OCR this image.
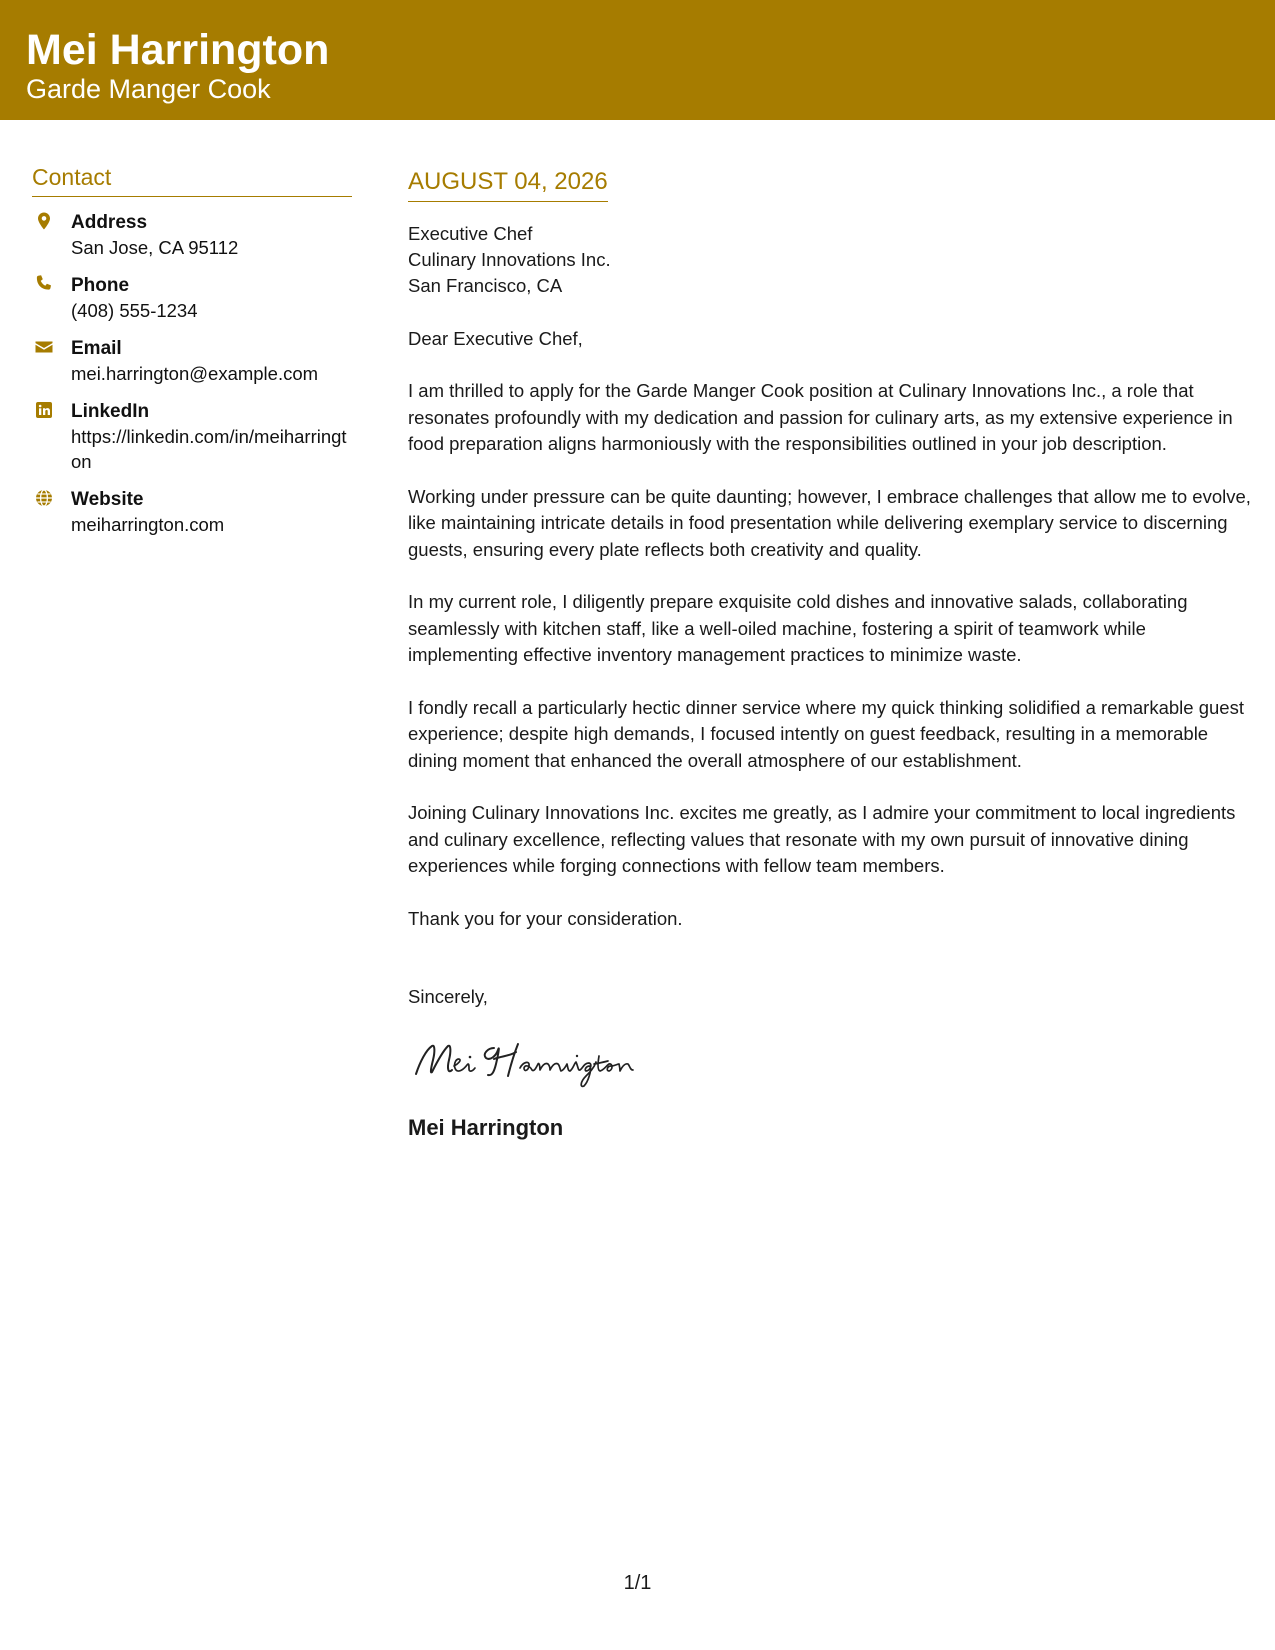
Mei Harrington
Garde Manger Cook
Contact
Address
San Jose, CA 95112
Phone
(408) 555-1234
Email
mei.harrington@example.com
LinkedIn
https://linkedin.com/in/meiharrington
Website
meiharrington.com
AUGUST 04, 2026
Executive Chef
Culinary Innovations Inc.
San Francisco, CA
Dear Executive Chef,
I am thrilled to apply for the Garde Manger Cook position at Culinary Innovations Inc., a role that resonates profoundly with my dedication and passion for culinary arts, as my extensive experience in food preparation aligns harmoniously with the responsibilities outlined in your job description.
Working under pressure can be quite daunting; however, I embrace challenges that allow me to evolve, like maintaining intricate details in food presentation while delivering exemplary service to discerning guests, ensuring every plate reflects both creativity and quality.
In my current role, I diligently prepare exquisite cold dishes and innovative salads, collaborating seamlessly with kitchen staff, like a well-oiled machine, fostering a spirit of teamwork while implementing effective inventory management practices to minimize waste.
I fondly recall a particularly hectic dinner service where my quick thinking solidified a remarkable guest experience; despite high demands, I focused intently on guest feedback, resulting in a memorable dining moment that enhanced the overall atmosphere of our establishment.
Joining Culinary Innovations Inc. excites me greatly, as I admire your commitment to local ingredients and culinary excellence, reflecting values that resonate with my own pursuit of innovative dining experiences while forging connections with fellow team members.
Thank you for your consideration.
Sincerely,
Mei Harrington
1/1
